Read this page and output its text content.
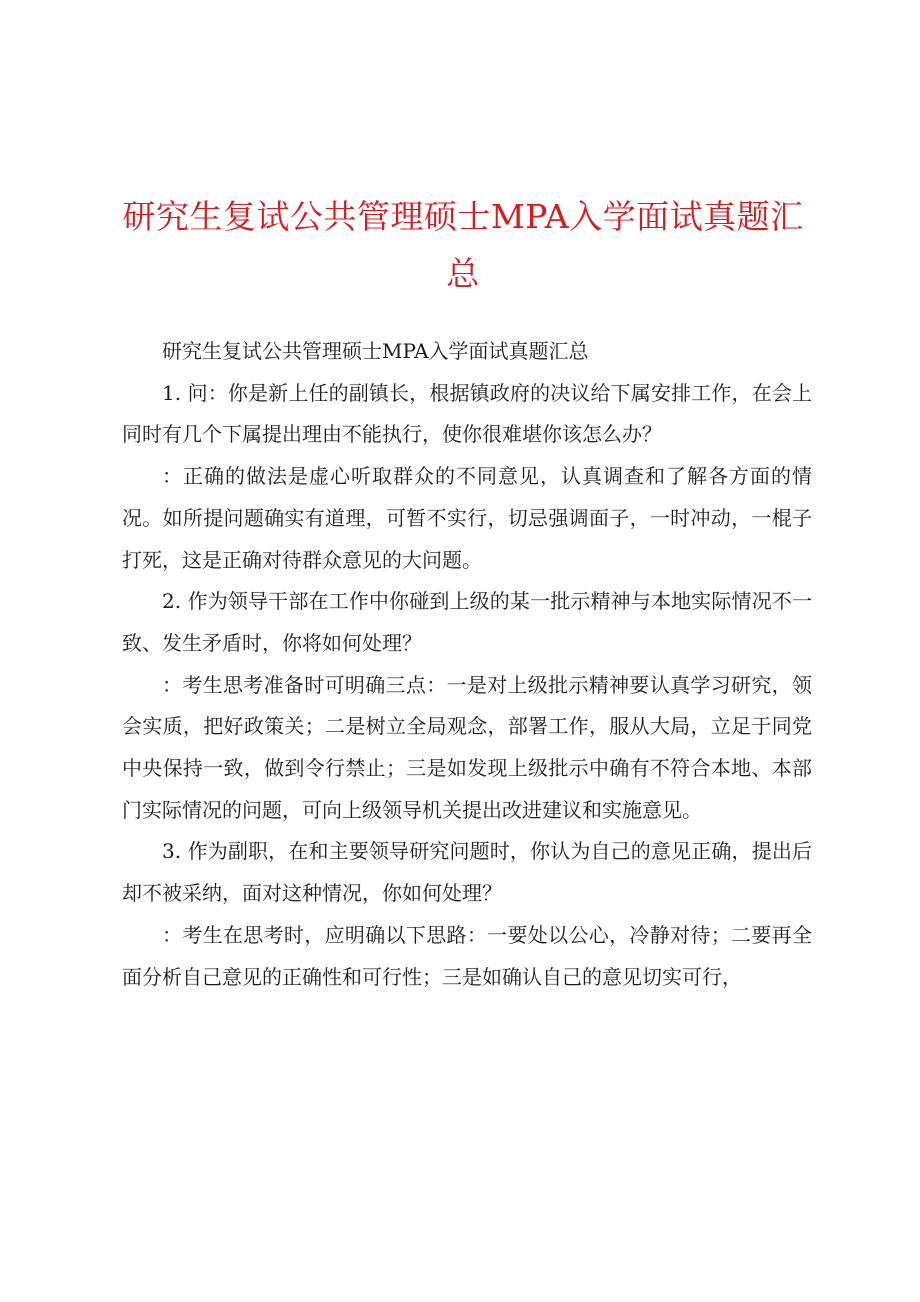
研究生复试公共管理硕士MPA入学面试真题汇总

研究生复试公共管理硕士MPA入学面试真题汇总

1. 问：你是新上任的副镇长，根据镇政府的决议给下属安排工作，在会上同时有几个下属提出理由不能执行，使你很难堪你该怎么办？

：正确的做法是虚心听取群众的不同意见，认真调查和了解各方面的情况。如所提问题确实有道理，可暂不实行，切忌强调面子，一时冲动，一棍子打死，这是正确对待群众意见的大问题。

2. 作为领导干部在工作中你碰到上级的某一批示精神与本地实际情况不一致、发生矛盾时，你将如何处理？

：考生思考准备时可明确三点：一是对上级批示精神要认真学习研究，领会实质，把好政策关；二是树立全局观念，部署工作，服从大局，立足于同党中央保持一致，做到令行禁止；三是如发现上级批示中确有不符合本地、本部门实际情况的问题，可向上级领导机关提出改进建议和实施意见。

3. 作为副职，在和主要领导研究问题时，你认为自己的意见正确，提出后却不被采纳，面对这种情况，你如何处理？

：考生在思考时，应明确以下思路：一要处以公心，冷静对待；二要再全面分析自己意见的正确性和可行性；三是如确认自己的意见切实可行，
